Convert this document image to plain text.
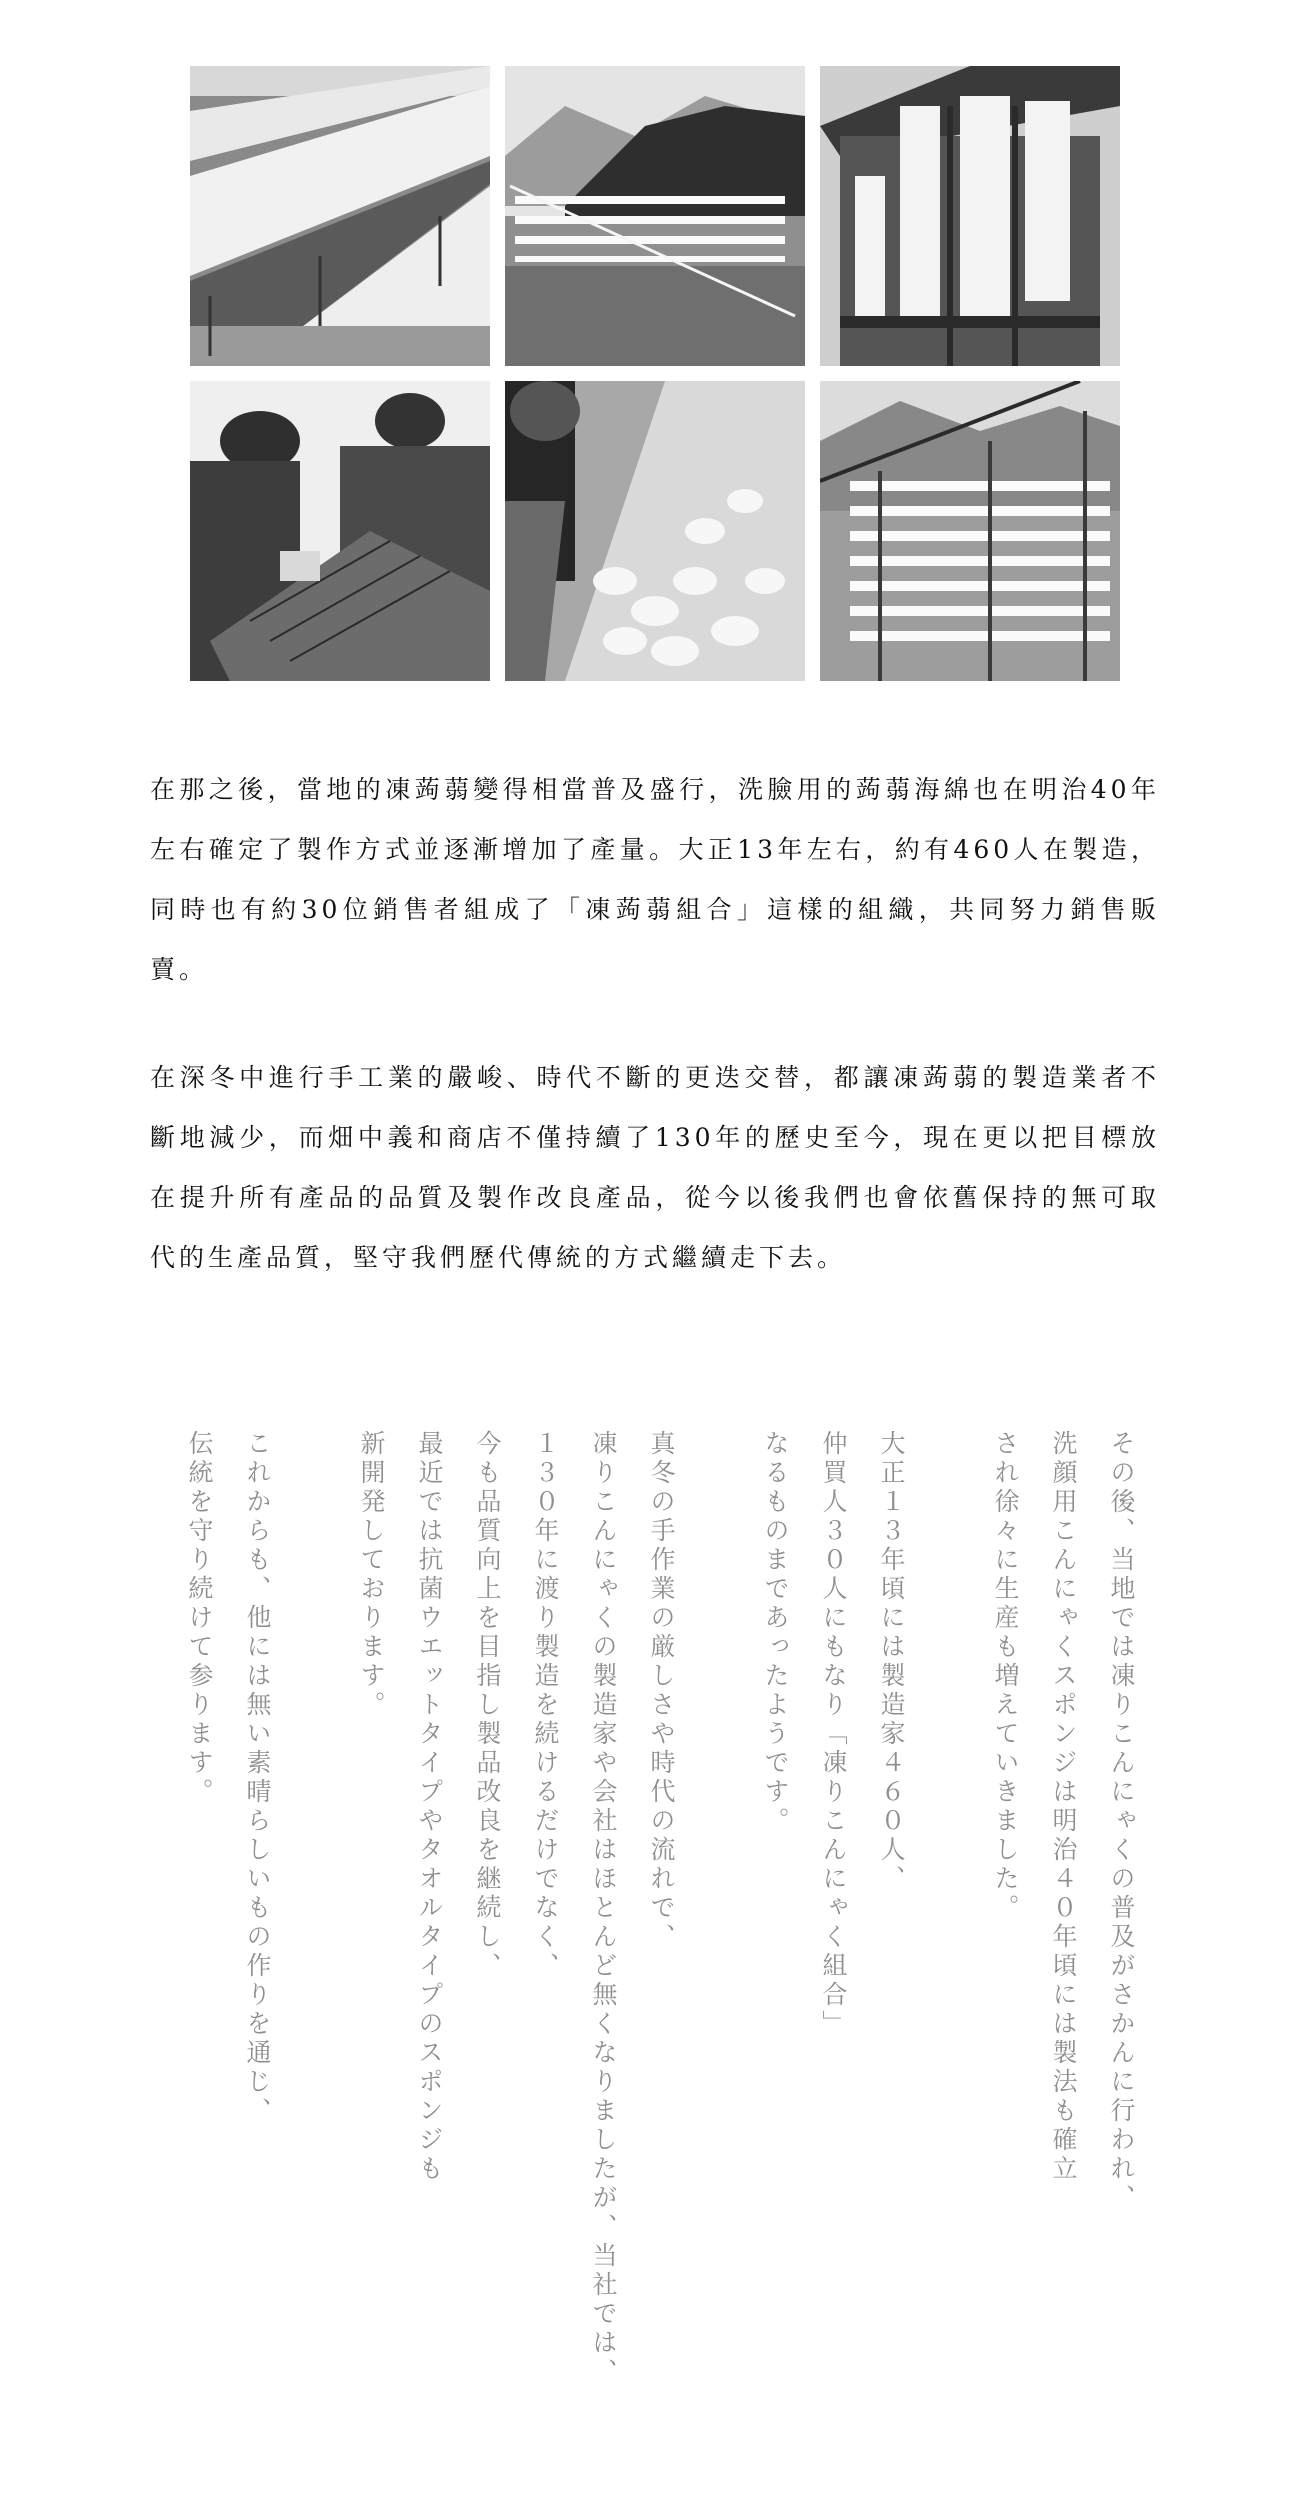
在那之後，當地的凍蒟蒻變得相當普及盛行，洗臉用的蒟蒻海綿也在明治40年左右確定了製作方式並逐漸增加了產量。大正13年左右，約有460人在製造，同時也有約30位銷售者組成了「凍蒟蒻組合」這樣的組織，共同努力銷售販賣。

在深冬中進行手工業的嚴峻、時代不斷的更迭交替，都讓凍蒟蒻的製造業者不斷地減少，而畑中義和商店不僅持續了130年的歷史至今，現在更以把目標放在提升所有產品的品質及製作改良產品，從今以後我們也會依舊保持的無可取代的生產品質，堅守我們歷代傳統的方式繼續走下去。

その後、当地では凍りこんにゃくの普及がさかんに行われ、
洗顔用こんにゃくスポンジは明治４０年頃には製法も確立
され徐々に生産も増えていきました。
大正１３年頃には製造家４６０人、
仲買人３０人にもなり「凍りこんにゃく組合」
なるものまであったようです。
真冬の手作業の厳しさや時代の流れで、
凍りこんにゃくの製造家や会社はほとんど無くなりましたが、当社では、
１３０年に渡り製造を続けるだけでなく、
今も品質向上を目指し製品改良を継続し、
最近では抗菌ウエットタイプやタオルタイプのスポンジも
新開発しております。
これからも、他には無い素晴らしいもの作りを通じ、
伝統を守り続けて参ります。
